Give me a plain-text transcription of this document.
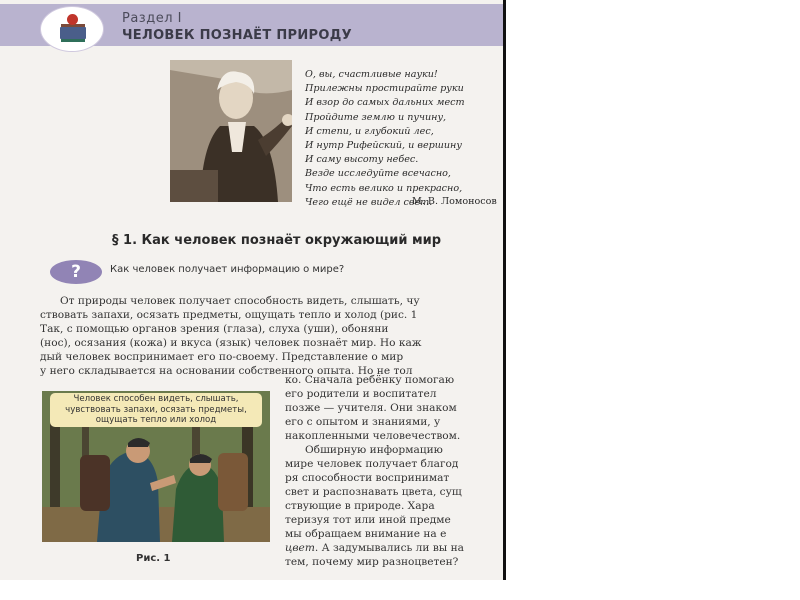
Раздел I
ЧЕЛОВЕК ПОЗНАЁТ ПРИРОДУ
О, вы, счастливые науки!
Прилежны простирайте руки
И взор до самых дальних мест
Пройдите землю и пучину,
И степи, и глубокий лес,
И нутр Рифейский, и вершину
И саму высоту небес.
Везде исследуйте всечасно,
Что есть велико и прекрасно,
Чего ещё не видел свет.
М. В. Ломоносов
§ 1. Как человек познаёт окружающий мир
?	Как человек получает информацию о мире?
От природы человек получает способность видеть, слышать, чу
ствовать запахи, осязать предметы, ощущать тепло и холод (рис. 1
Так, с помощью органов зрения (глаза), слуха (уши), обоняни
(нос), осязания (кожа) и вкуса (язык) человек познаёт мир. Но каж
дый человек воспринимает его по-своему. Представление о мир
у него складывается на основании собственного опыта. Но не тол
ко. Сначала ребёнку помогаю
его родители и воспитател
позже — учителя. Они знаком
его с опытом и знаниями, у
накопленными человечеством.
Обширную информацию
мире человек получает благод
ря способности воспринимат
свет и распознавать цвета, сущ
ствующие в природе. Хара
теризуя тот или иной предме
мы обращаем внимание на е
цвет. А задумывались ли вы на
тем, почему мир разноцветен?
Человек способен видеть, слышать,
чувствовать запахи, осязать предметы,
ощущать тепло или холод
Рис. 1
